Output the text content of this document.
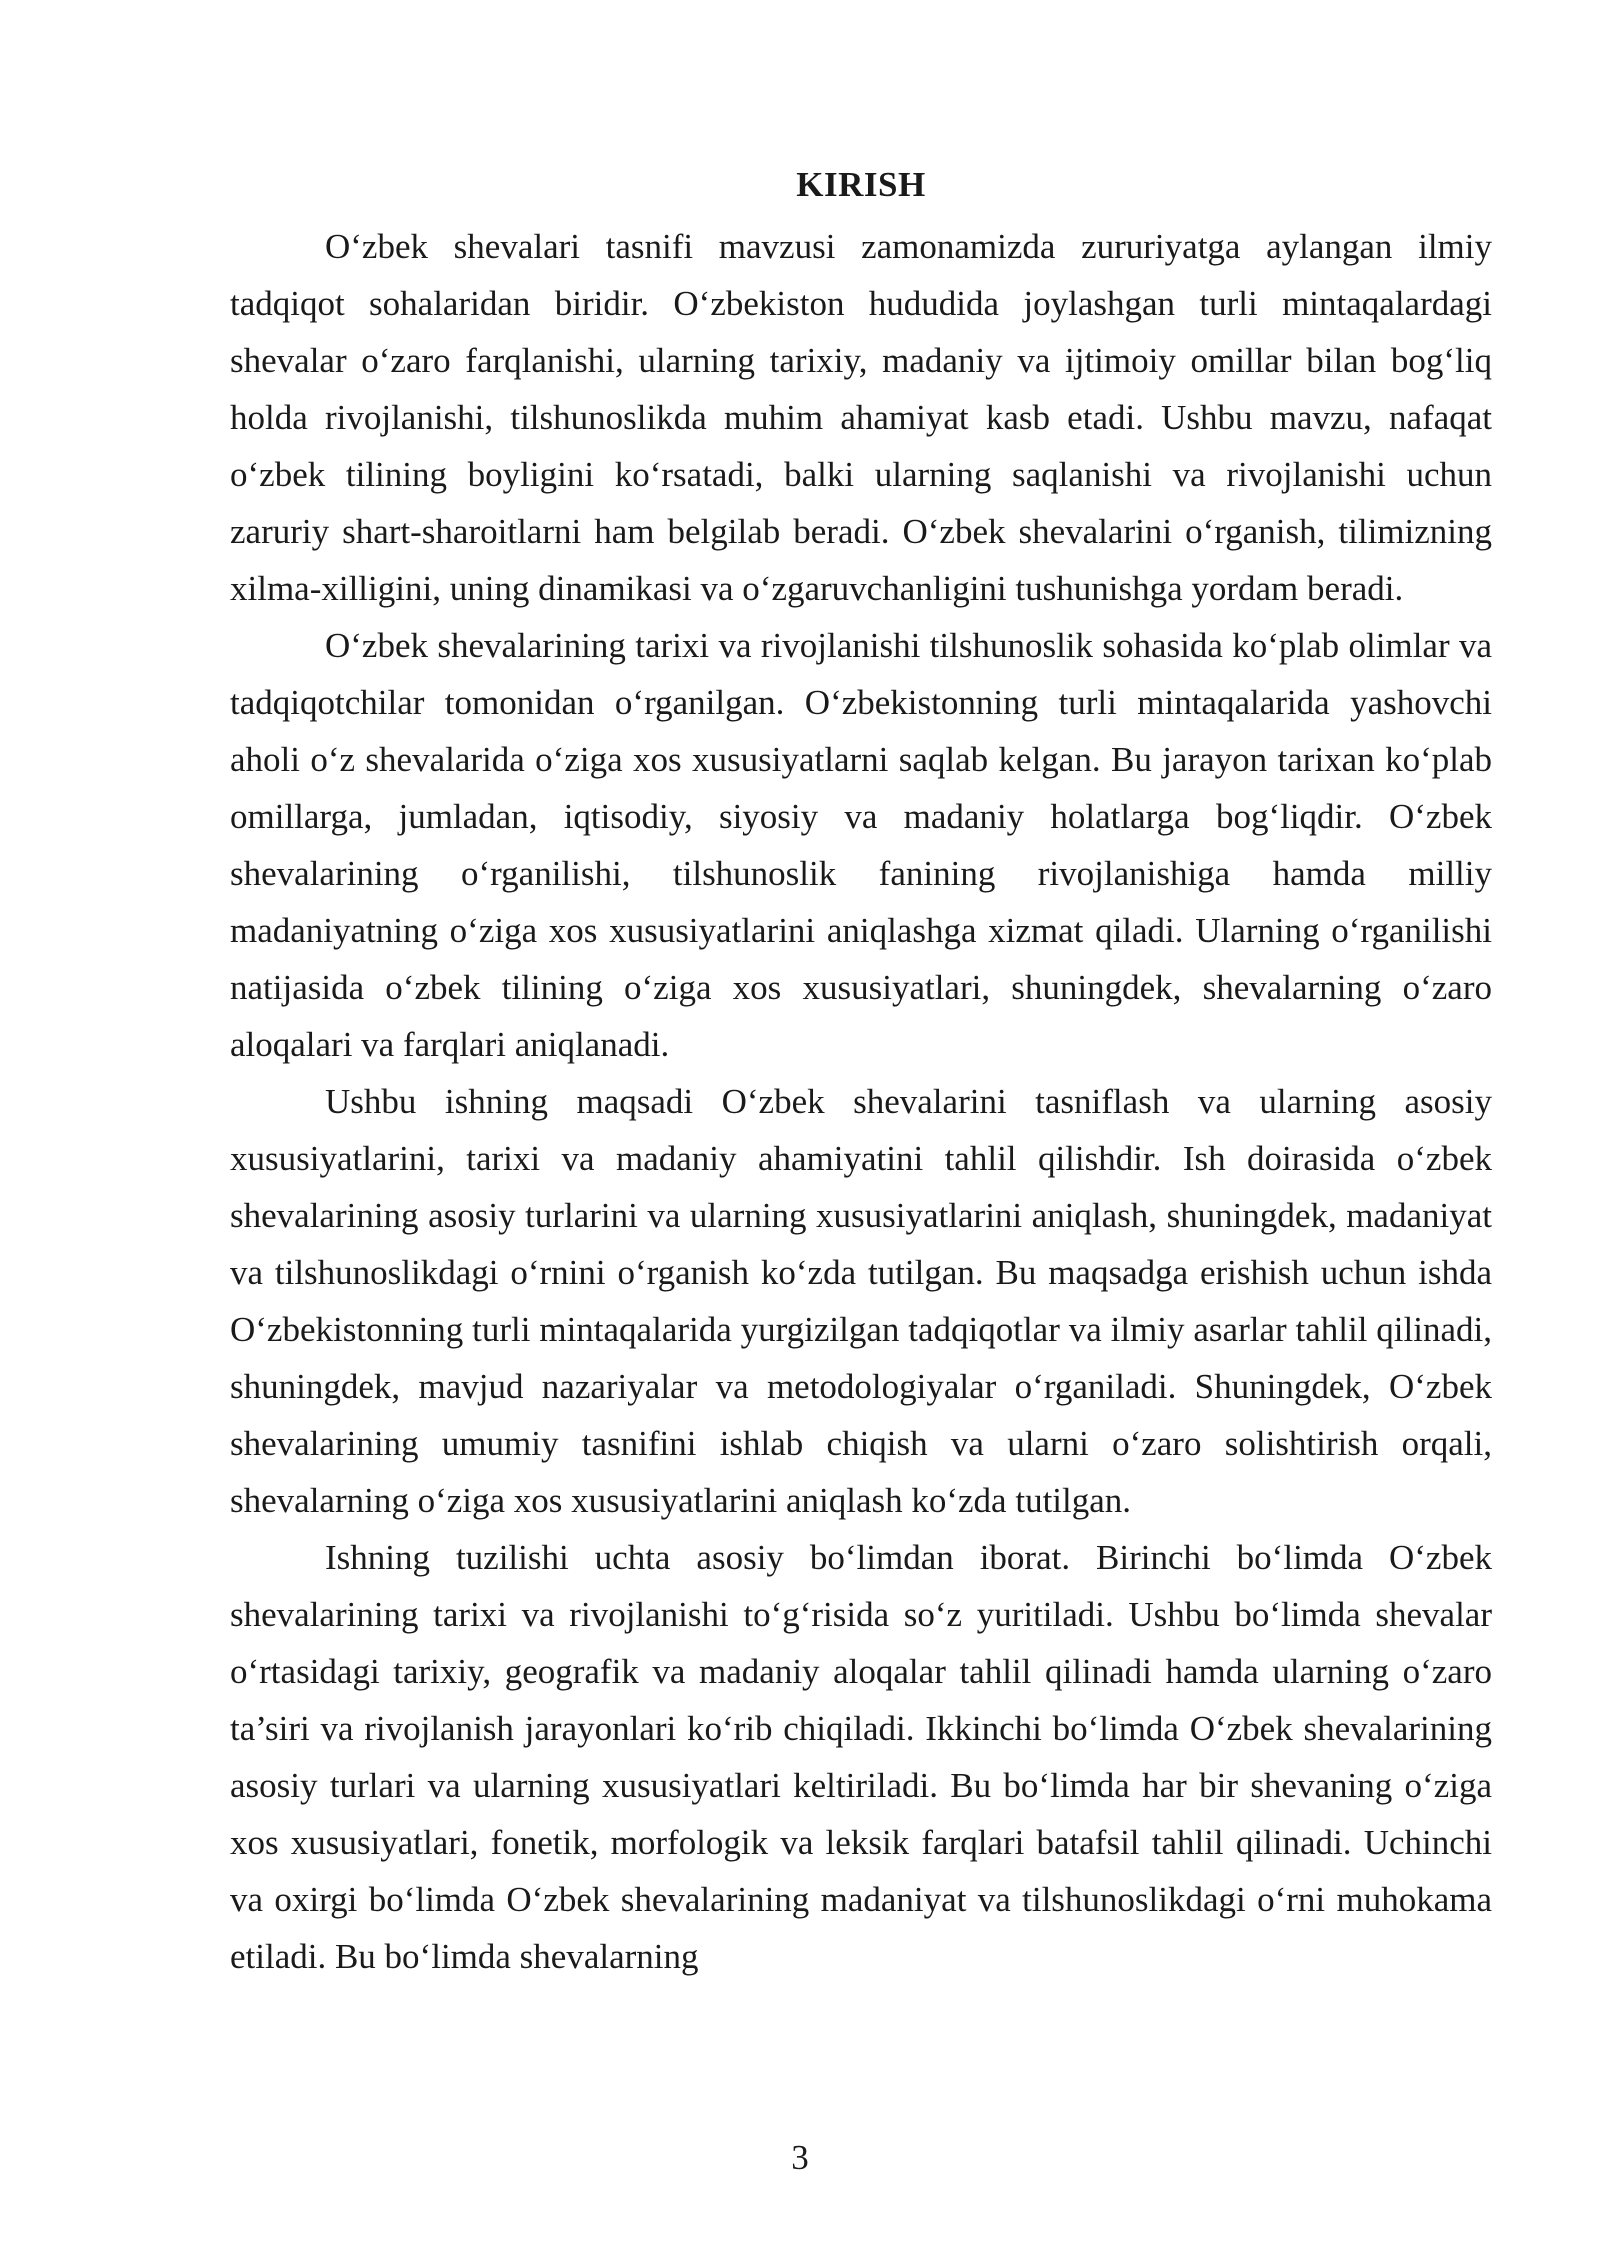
KIRISH

O‘zbek shevalari tasnifi mavzusi zamonamizda zururiyatga aylangan ilmiy tadqiqot sohalaridan biridir. O‘zbekiston hududida joylashgan turli mintaqalardagi shevalar o‘zaro farqlanishi, ularning tarixiy, madaniy va ijtimoiy omillar bilan bog‘liq holda rivojlanishi, tilshunoslikda muhim ahamiyat kasb etadi. Ushbu mavzu, nafaqat o‘zbek tilining boyligini ko‘rsatadi, balki ularning saqlanishi va rivojlanishi uchun zaruriy shart-sharoitlarni ham belgilab beradi. O‘zbek shevalarini o‘rganish, tilimizning xilma-xilligini, uning dinamikasi va o‘zgaruvchanligini tushunishga yordam beradi.

O‘zbek shevalarining tarixi va rivojlanishi tilshunoslik sohasida ko‘plab olimlar va tadqiqotchilar tomonidan o‘rganilgan. O‘zbekistonning turli mintaqalarida yashovchi aholi o‘z shevalarida o‘ziga xos xususiyatlarni saqlab kelgan. Bu jarayon tarixan ko‘plab omillarga, jumladan, iqtisodiy, siyosiy va madaniy holatlarga bog‘liqdir. O‘zbek shevalarining o‘rganilishi, tilshunoslik fanining rivojlanishiga hamda milliy madaniyatning o‘ziga xos xususiyatlarini aniqlashga xizmat qiladi. Ularning o‘rganilishi natijasida o‘zbek tilining o‘ziga xos xususiyatlari, shuningdek, shevalarning o‘zaro aloqalari va farqlari aniqlanadi.

Ushbu ishning maqsadi O‘zbek shevalarini tasniflash va ularning asosiy xususiyatlarini, tarixi va madaniy ahamiyatini tahlil qilishdir. Ish doirasida o‘zbek shevalarining asosiy turlarini va ularning xususiyatlarini aniqlash, shuningdek, madaniyat va tilshunoslikdagi o‘rnini o‘rganish ko‘zda tutilgan. Bu maqsadga erishish uchun ishda O‘zbekistonning turli mintaqalarida yurgizilgan tadqiqotlar va ilmiy asarlar tahlil qilinadi, shuningdek, mavjud nazariyalar va metodologiyalar o‘rganiladi. Shuningdek, O‘zbek shevalarining umumiy tasnifini ishlab chiqish va ularni o‘zaro solishtirish orqali, shevalarning o‘ziga xos xususiyatlarini aniqlash ko‘zda tutilgan.

Ishning tuzilishi uchta asosiy bo‘limdan iborat. Birinchi bo‘limda O‘zbek shevalarining tarixi va rivojlanishi to‘g‘risida so‘z yuritiladi. Ushbu bo‘limda shevalar o‘rtasidagi tarixiy, geografik va madaniy aloqalar tahlil qilinadi hamda ularning o‘zaro ta’siri va rivojlanish jarayonlari ko‘rib chiqiladi. Ikkinchi bo‘limda O‘zbek shevalarining asosiy turlari va ularning xususiyatlari keltiriladi. Bu bo‘limda har bir shevaning o‘ziga xos xususiyatlari, fonetik, morfologik va leksik farqlari batafsil tahlil qilinadi. Uchinchi va oxirgi bo‘limda O‘zbek shevalarining madaniyat va tilshunoslikdagi o‘rni muhokama etiladi. Bu bo‘limda shevalarning

3
